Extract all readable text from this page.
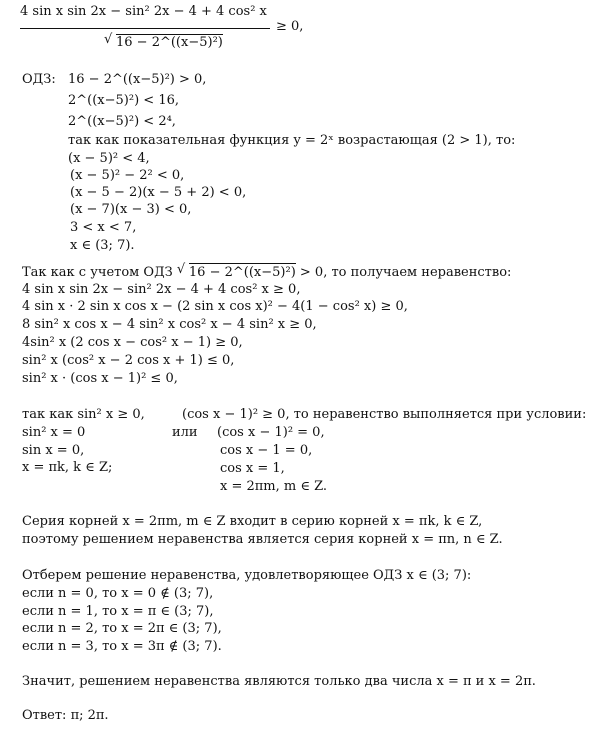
4 sin x sin 2x − sin² 2x − 4 + 4 cos² x
√ 16 − 2^((x−5)²)
≥ 0,
ОДЗ: 16 − 2^((x−5)²) > 0,
2^((x−5)²) < 16,
2^((x−5)²) < 2⁴,
так как показательная функция y = 2ˣ возрастающая (2 > 1), то:
(x − 5)² < 4,
(x − 5)² − 2² < 0,
(x − 5 − 2)(x − 5 + 2) < 0,
(x − 7)(x − 3) < 0,
3 < x < 7,
x ∈ (3; 7).
Так как с учетом ОДЗ √ 16 − 2^((x−5)²) > 0, то получаем неравенство:
4 sin x sin 2x − sin² 2x − 4 + 4 cos² x ≥ 0,
4 sin x · 2 sin x cos x − (2 sin x cos x)² − 4(1 − cos² x) ≥ 0,
8 sin² x cos x − 4 sin² x cos² x − 4 sin² x ≥ 0,
4sin² x (2 cos x − cos² x − 1) ≥ 0,
sin² x (cos² x − 2 cos x + 1) ≤ 0,
sin² x · (cos x − 1)² ≤ 0,
так как sin² x ≥ 0,	(cos x − 1)² ≥ 0, то неравенство выполняется при условии:
sin² x = 0
sin x = 0,
x = πk, k ∈ Z;
или (cos x − 1)² = 0,
cos x − 1 = 0,
cos x = 1,
x = 2πm, m ∈ Z.
Серия корней x = 2πm, m ∈ Z входит в серию корней x = πk, k ∈ Z,
поэтому решением неравенства является серия корней x = πn, n ∈ Z.
Отберем решение неравенства, удовлетворяющее ОДЗ x ∈ (3; 7):
если n = 0, то x = 0 ∉ (3; 7),
если n = 1, то x = π ∈ (3; 7),
если n = 2, то x = 2π ∈ (3; 7),
если n = 3, то x = 3π ∉ (3; 7).
Значит, решением неравенства являются только два числа x = π и x = 2π.
Ответ: π; 2π.
